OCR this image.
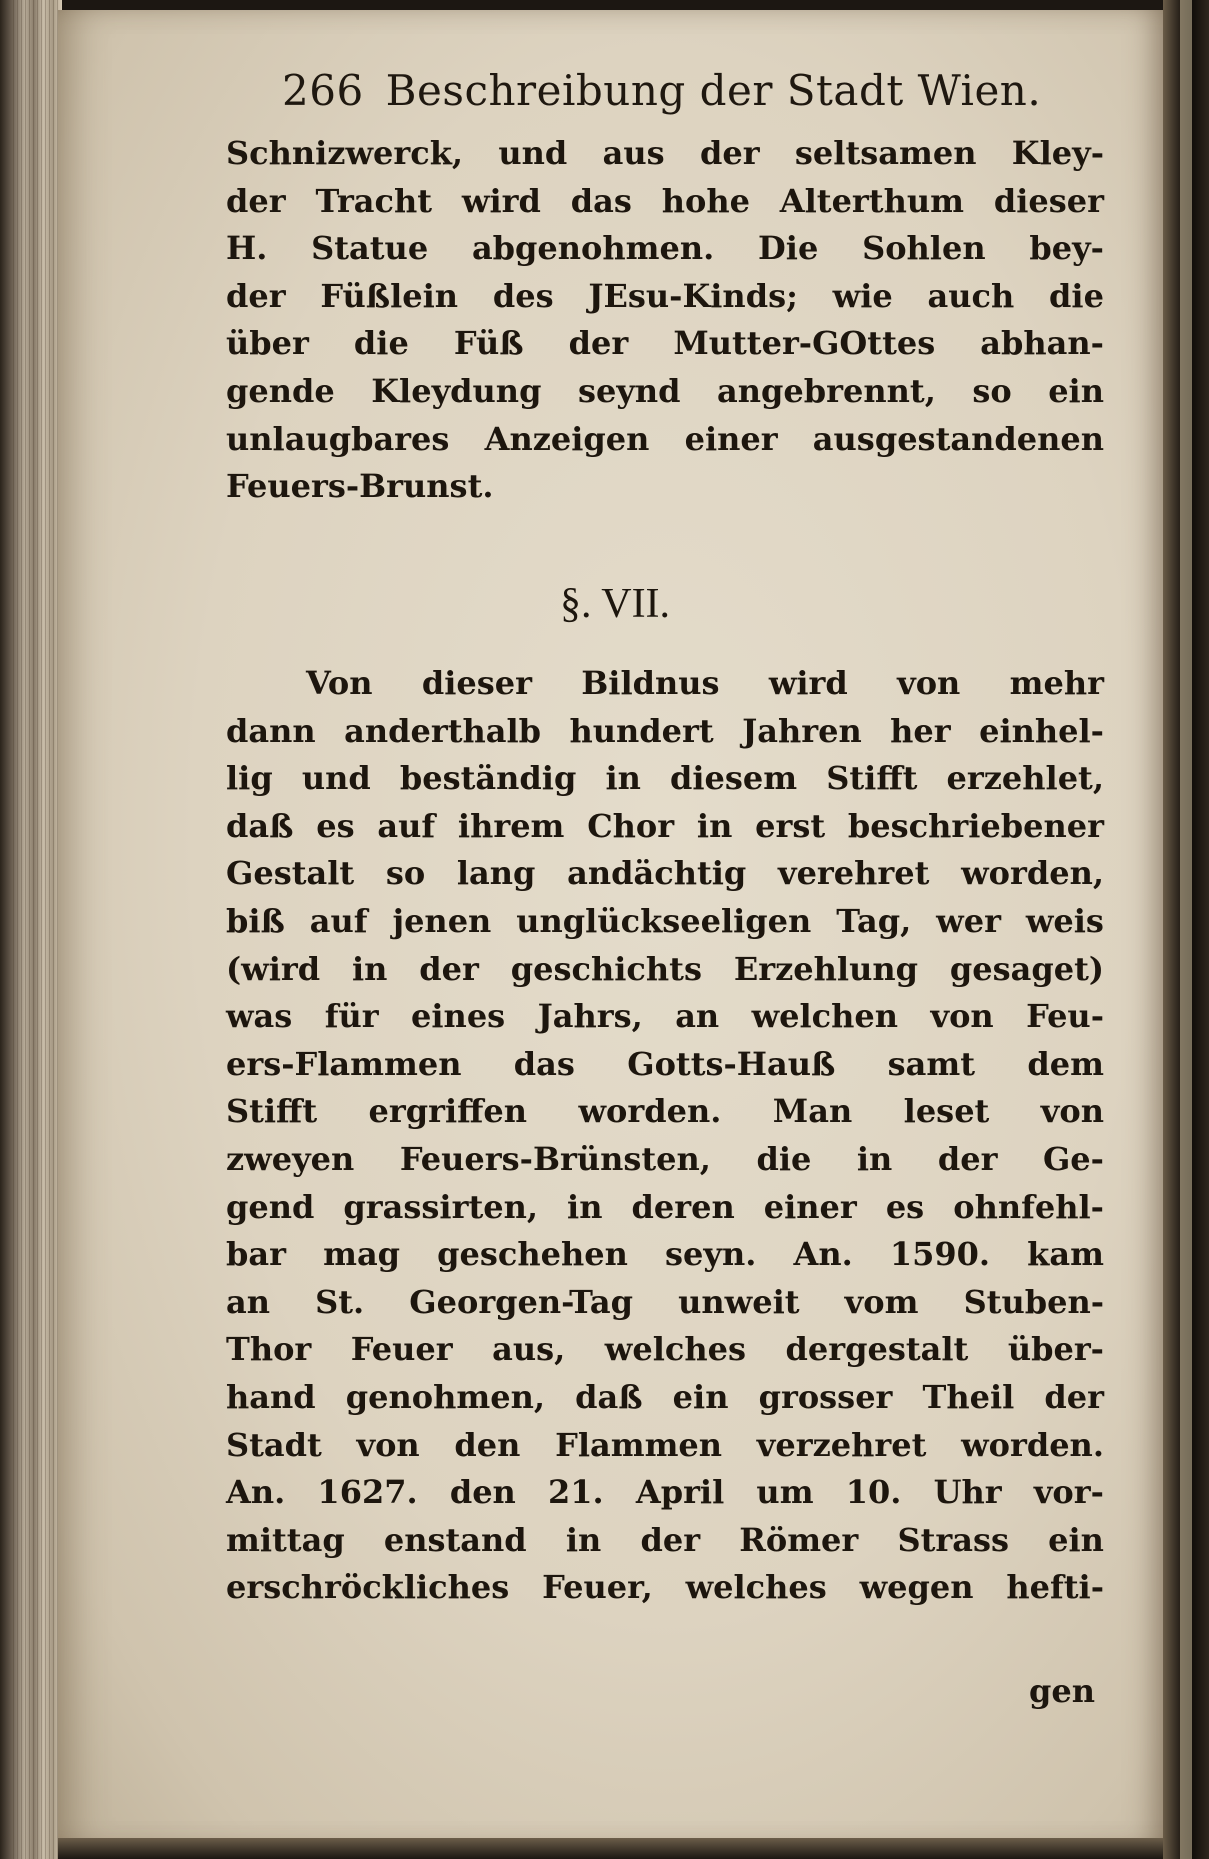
266 Beschreibung der Stadt Wien.
Schnizwerck, und aus der seltsamen Kley-
der Tracht wird das hohe Alterthum dieser
H. Statue abgenohmen. Die Sohlen bey-
der Füßlein des JEsu-Kinds; wie auch die
über die Füß der Mutter-GOttes abhan-
gende Kleydung seynd angebrennt, so ein
unlaugbares Anzeigen einer ausgestandenen
Feuers-Brunst.
§. VII.
Von dieser Bildnus wird von mehr
dann anderthalb hundert Jahren her einhel-
lig und beständig in diesem Stifft erzehlet,
daß es auf ihrem Chor in erst beschriebener
Gestalt so lang andächtig verehret worden,
biß auf jenen unglückseeligen Tag, wer weis
(wird in der geschichts Erzehlung gesaget)
was für eines Jahrs, an welchen von Feu-
ers-Flammen das Gotts-Hauß samt dem
Stifft ergriffen worden. Man leset von
zweyen Feuers-Brünsten, die in der Ge-
gend grassirten, in deren einer es ohnfehl-
bar mag geschehen seyn. An. 1590. kam
an St. Georgen-Tag unweit vom Stuben-
Thor Feuer aus, welches dergestalt über-
hand genohmen, daß ein grosser Theil der
Stadt von den Flammen verzehret worden.
An. 1627. den 21. April um 10. Uhr vor-
mittag enstand in der Römer Strass ein
erschröckliches Feuer, welches wegen hefti-
gen
